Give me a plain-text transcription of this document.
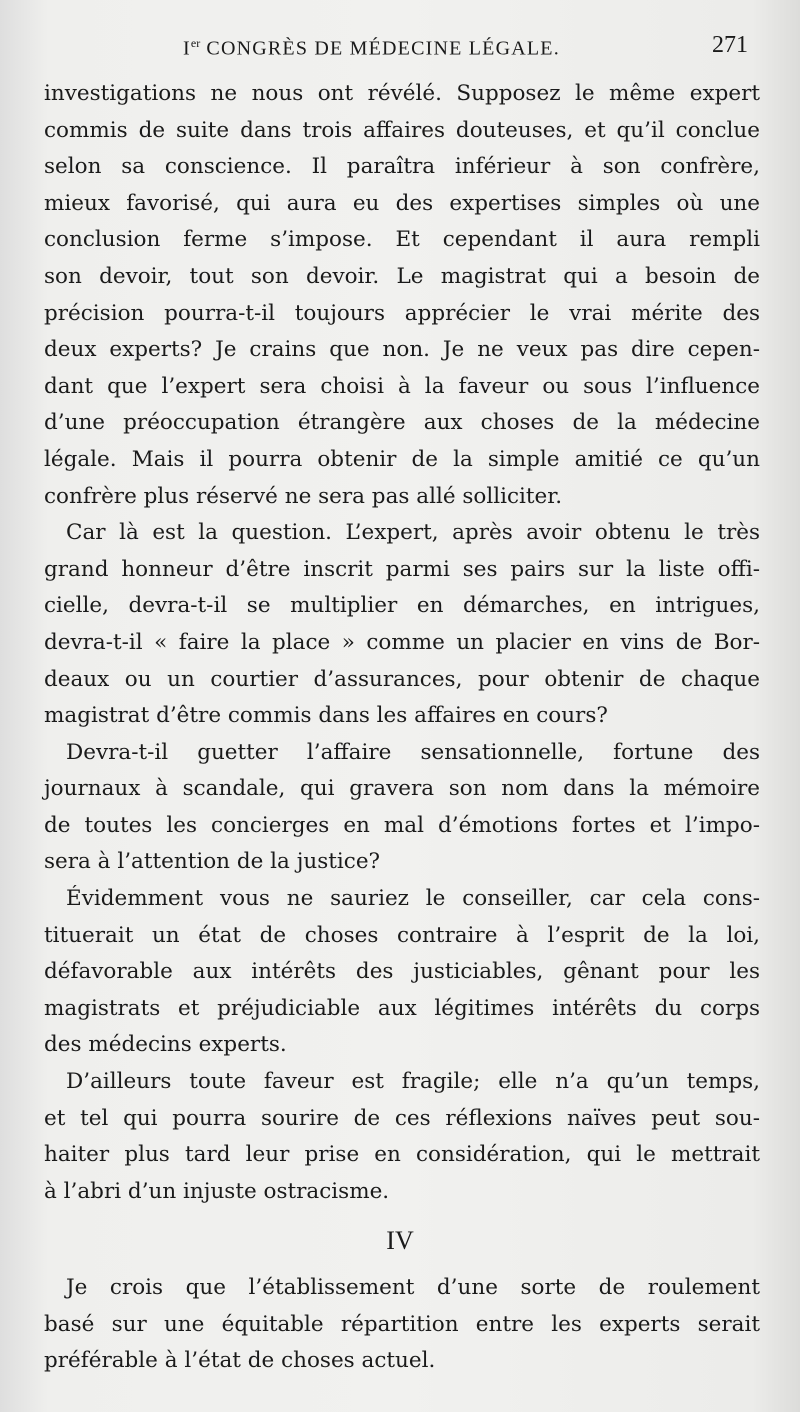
Ier CONGRÈS DE MÉDECINE LÉGALE.	271
investigations ne nous ont révélé. Supposez le même expert
commis de suite dans trois affaires douteuses, et qu’il conclue
selon sa conscience. Il paraîtra inférieur à son confrère,
mieux favorisé, qui aura eu des expertises simples où une
conclusion ferme s’impose. Et cependant il aura rempli
son devoir, tout son devoir. Le magistrat qui a besoin de
précision pourra-t-il toujours apprécier le vrai mérite des
deux experts? Je crains que non. Je ne veux pas dire cepen-
dant que l’expert sera choisi à la faveur ou sous l’influence
d’une préoccupation étrangère aux choses de la médecine
légale. Mais il pourra obtenir de la simple amitié ce qu’un
confrère plus réservé ne sera pas allé solliciter.
Car là est la question. L’expert, après avoir obtenu le très
grand honneur d’être inscrit parmi ses pairs sur la liste offi-
cielle, devra-t-il se multiplier en démarches, en intrigues,
devra-t-il « faire la place » comme un placier en vins de Bor-
deaux ou un courtier d’assurances, pour obtenir de chaque
magistrat d’être commis dans les affaires en cours?
Devra-t-il guetter l’affaire sensationnelle, fortune des
journaux à scandale, qui gravera son nom dans la mémoire
de toutes les concierges en mal d’émotions fortes et l’impo-
sera à l’attention de la justice?
Évidemment vous ne sauriez le conseiller, car cela cons-
tituerait un état de choses contraire à l’esprit de la loi,
défavorable aux intérêts des justiciables, gênant pour les
magistrats et préjudiciable aux légitimes intérêts du corps
des médecins experts.
D’ailleurs toute faveur est fragile; elle n’a qu’un temps,
et tel qui pourra sourire de ces réflexions naïves peut sou-
haiter plus tard leur prise en considération, qui le mettrait
à l’abri d’un injuste ostracisme.
IV
Je crois que l’établissement d’une sorte de roulement
basé sur une équitable répartition entre les experts serait
préférable à l’état de choses actuel.
